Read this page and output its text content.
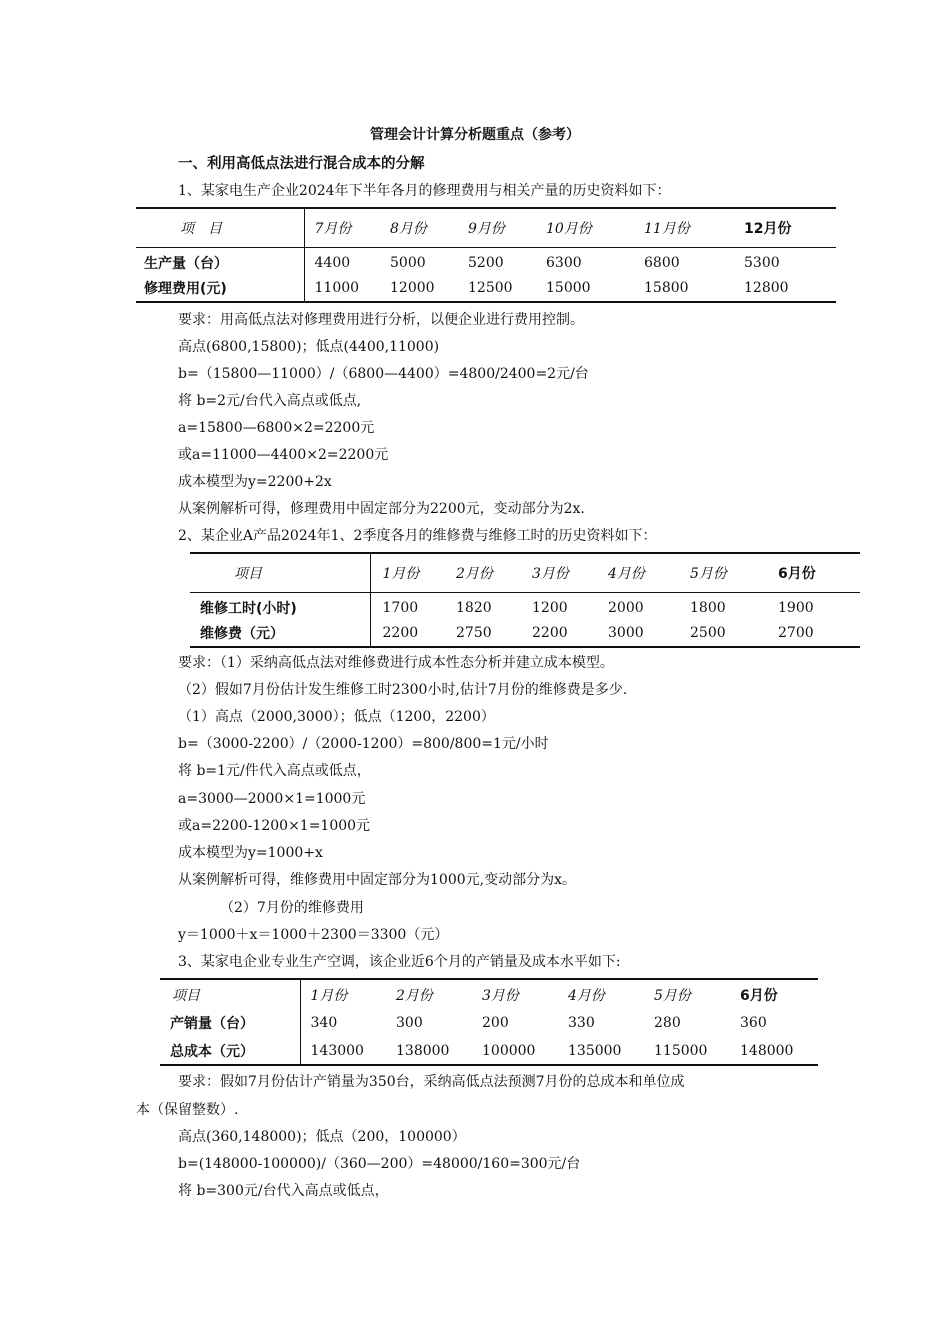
管理会计计算分析题重点（参考）
一、利用高低点法进行混合成本的分解
1、某家电生产企业2024年下半年各月的修理费用与相关产量的历史资料如下：
项　目	7月份	8月份	9月份	10月份	11月份	12月份
生产量（台）	4400	5000	5200	6300	6800	5300
修理费用(元)	11000	12000	12500	15000	15800	12800
要求：用高低点法对修理费用进行分析，以便企业进行费用控制。
高点(6800,15800)；低点(4400,11000)
b=（15800—11000）/（6800—4400）=4800/2400=2元/台
将 b=2元/台代入高点或低点,
a=15800—6800×2=2200元
或a=11000—4400×2=2200元
成本模型为y=2200+2x
从案例解析可得，修理费用中固定部分为2200元，变动部分为2x.
2、某企业A产品2024年1、2季度各月的维修费与维修工时的历史资料如下：
项目	1月份	2月份	3月份	4月份	5月份	6月份
维修工时(小时)	1700	1820	1200	2000	1800	1900
维修费（元）	2200	2750	2200	3000	2500	2700
要求：（1）采纳高低点法对维修费进行成本性态分析并建立成本模型。
（2）假如7月份估计发生维修工时2300小时,估计7月份的维修费是多少.
（1）高点（2000,3000）；低点（1200，2200）
b=（3000-2200）/（2000-1200）=800/800=1元/小时
将 b=1元/件代入高点或低点，
a=3000—2000×1=1000元
或a=2200-1200×1=1000元
成本模型为y=1000+x
从案例解析可得，维修费用中固定部分为1000元,变动部分为x。
（2）7月份的维修费用
y＝1000＋x＝1000＋2300＝3300（元）
3、某家电企业专业生产空调，该企业近6个月的产销量及成本水平如下:
项目	1月份	2月份	3月份	4月份	5月份	6月份
产销量（台）	340	300	200	330	280	360
总成本（元）	143000	138000	100000	135000	115000	148000
要求：假如7月份估计产销量为350台，采纳高低点法预测7月份的总成本和单位成
本（保留整数）.
高点(360,148000)；低点（200，100000）
b=(148000-100000)/（360—200）=48000/160=300元/台
将 b=300元/台代入高点或低点，
